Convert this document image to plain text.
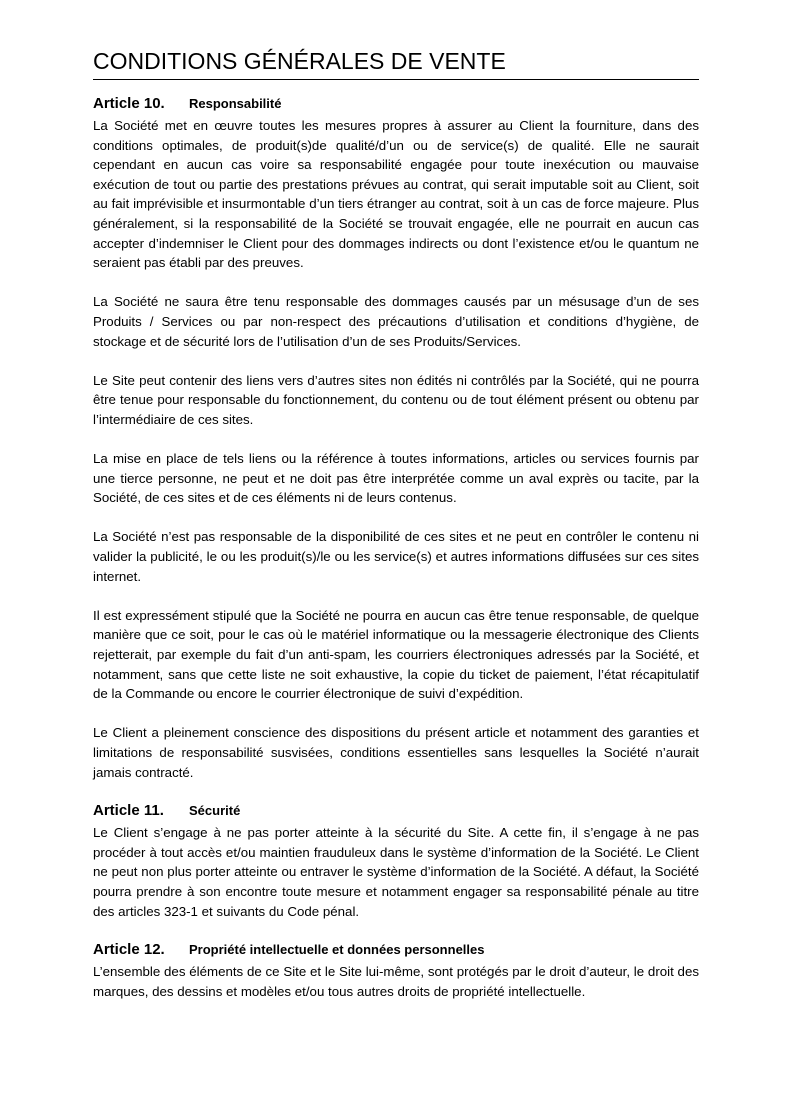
CONDITIONS GÉNÉRALES DE VENTE
Article 10.	Responsabilité

La Société met en œuvre toutes les mesures propres à assurer au Client la fourniture, dans des conditions optimales, de produit(s)de qualité/d’un ou de service(s) de qualité. Elle ne saurait cependant en aucun cas voire sa responsabilité engagée pour toute inexécution ou mauvaise exécution de tout ou partie des prestations prévues au contrat, qui serait imputable soit au Client, soit au fait imprévisible et insurmontable d’un tiers étranger au contrat, soit à un cas de force majeure. Plus généralement, si la responsabilité de la Société se trouvait engagée, elle ne pourrait en aucun cas accepter d’indemniser le Client pour des dommages indirects ou dont l’existence et/ou le quantum ne seraient pas établi par des preuves.

La Société ne saura être tenu responsable des dommages causés par un mésusage d’un de ses Produits / Services ou par non-respect des précautions d’utilisation et conditions d’hygiène, de stockage et de sécurité lors de l’utilisation d’un de ses Produits/Services.

Le Site peut contenir des liens vers d’autres sites non édités ni contrôlés par la Société, qui ne pourra être tenue pour responsable du fonctionnement, du contenu ou de tout élément présent ou obtenu par l’intermédiaire de ces sites.

La mise en place de tels liens ou la référence à toutes informations, articles ou services fournis par une tierce personne, ne peut et ne doit pas être interprétée comme un aval exprès ou tacite, par la Société, de ces sites et de ces éléments ni de leurs contenus.

La Société n’est pas responsable de la disponibilité de ces sites et ne peut en contrôler le contenu ni valider la publicité, le ou les produit(s)/le ou les service(s) et autres informations diffusées sur ces sites internet.

Il est expressément stipulé que la Société ne pourra en aucun cas être tenue responsable, de quelque manière que ce soit, pour le cas où le matériel informatique ou la messagerie électronique des Clients rejetterait, par exemple du fait d’un anti-spam, les courriers électroniques adressés par la Société, et notamment, sans que cette liste ne soit exhaustive, la copie du ticket de paiement, l’état récapitulatif de la Commande ou encore le courrier électronique de suivi d’expédition.

Le Client a pleinement conscience des dispositions du présent article et notamment des garanties et limitations de responsabilité susvisées, conditions essentielles sans lesquelles la Société n’aurait jamais contracté.

Article 11.	Sécurité

Le Client s’engage à ne pas porter atteinte à la sécurité du Site. A cette fin, il s’engage à ne pas procéder à tout accès et/ou maintien frauduleux dans le système d’information de la Société. Le Client ne peut non plus porter atteinte ou entraver le système d’information de la Société. A défaut, la Société pourra prendre à son encontre toute mesure et notamment engager sa responsabilité pénale au titre des articles 323-1 et suivants du Code pénal.

Article 12.	Propriété intellectuelle et données personnelles

L’ensemble des éléments de ce Site et le Site lui-même, sont protégés par le droit d’auteur, le droit des marques, des dessins et modèles et/ou tous autres droits de propriété intellectuelle.
